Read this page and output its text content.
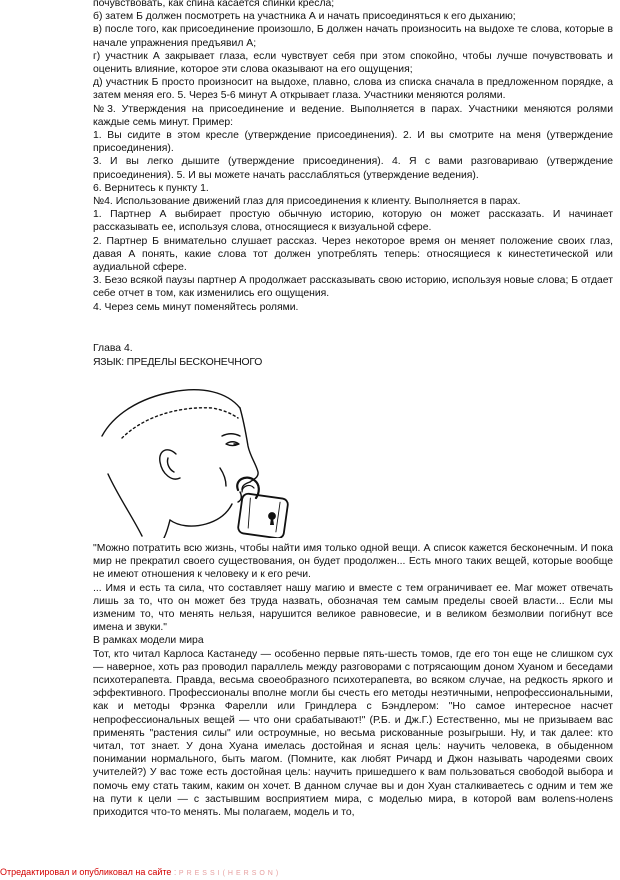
почувствовать, как спина касается спинки кресла;

б) затем Б должен посмотреть на участника А и начать присоединяться к его дыханию;

в) после того, как присоединение произошло, Б должен начать произносить на выдохе те слова, которые в начале упражнения предъявил А;

г) участник А закрывает глаза, если чувствует себя при этом спокойно, чтобы лучше почувствовать и оценить влияние, которое эти слова оказывают на его ощущения;

д) участник Б просто произносит на выдохе, плавно, слова из списка сначала в предложенном порядке, а затем меняя его. 5. Через 5-6 минут А открывает глаза. Участники меняются ролями.

№3. Утверждения на присоединение и ведение. Выполняется в парах. Участники меняются ролями каждые семь минут. Пример:

1. Вы сидите в этом кресле (утверждение присоединения). 2. И вы смотрите на меня (утверждение присоединения).

3. И вы легко дышите (утверждение присоединения). 4. Я с вами разговариваю (утверждение присоединения). 5. И вы можете начать расслабляться (утверждение ведения).

6. Вернитесь к пункту 1.

№4. Использование движений глаз для присоединения к клиенту. Выполняется в парах.

1. Партнер А выбирает простую обычную историю, которую он может рассказать. И начинает рассказывать ее, используя слова, относящиеся к визуальной сфере.

2. Партнер Б внимательно слушает рассказ. Через некоторое время он меняет положение своих глаз, давая А понять, какие слова тот должен употреблять теперь: относящиеся к кинестетической или аудиальной сфере.

3. Безо всякой паузы партнер А продолжает рассказывать свою историю, используя новые слова; Б отдает себе отчет в том, как изменились его ощущения.

4. Через семь минут поменяйтесь ролями.

Глава 4.

ЯЗЫК: ПРЕДЕЛЫ БЕСКОНЕЧНОГО

"Можно потратить всю жизнь, чтобы найти имя только одной вещи. А список кажется бесконечным. И пока мир не прекратил своего существования, он будет продолжен... Есть много таких вещей, которые вообще не имеют отношения к человеку и к его речи.

... Имя и есть та сила, что составляет нашу магию и вместе с тем ограничивает ее. Маг может отвечать лишь за то, что он может без труда назвать, обозначая тем самым пределы своей власти... Если мы изменим то, что менять нельзя, нарушится великое равновесие, и в великом безмолвии погибнут все имена и звуки."

В рамках модели мира

Тот, кто читал Карлоса Кастанеду — особенно первые пять-шесть томов, где его тон еще не слишком сух — наверное, хоть раз проводил параллель между разговорами с потрясающим доном Хуаном и беседами психотерапевта. Правда, весьма своеобразного психотерапевта, во всяком случае, на редкость яркого и эффективного. Профессионалы вполне могли бы счесть его методы неэтичными, непрофессиональными, как и методы Фрэнка Фарелли или Гриндлера с Бэндлером: "Но самое интересное насчет непрофессиональных вещей — что они срабатывают!" (Р.Б. и Дж.Г.) Естественно, мы не призываем вас применять "растения силы" или остроумные, но весьма рискованные розыгрыши. Ну, и так далее: кто читал, тот знает. У дона Хуана имелась достойная и ясная цель: научить человека, в обыденном понимании нормального, быть магом. (Помните, как любят Ричард и Джон называть чародеями своих учителей?) У вас тоже есть достойная цель: научить пришедшего к вам пользоваться свободой выбора и помочь ему стать таким, каким он хочет. В данном случае вы и дон Хуан сталкиваетесь с одним и тем же на пути к цели — с застывшим восприятием мира, с моделью мира, в которой вам волens-ноленs приходится что-то менять. Мы полагаем, модель и то,

Отредактировал и опубликовал на сайте : PRESSI(HERSON)
